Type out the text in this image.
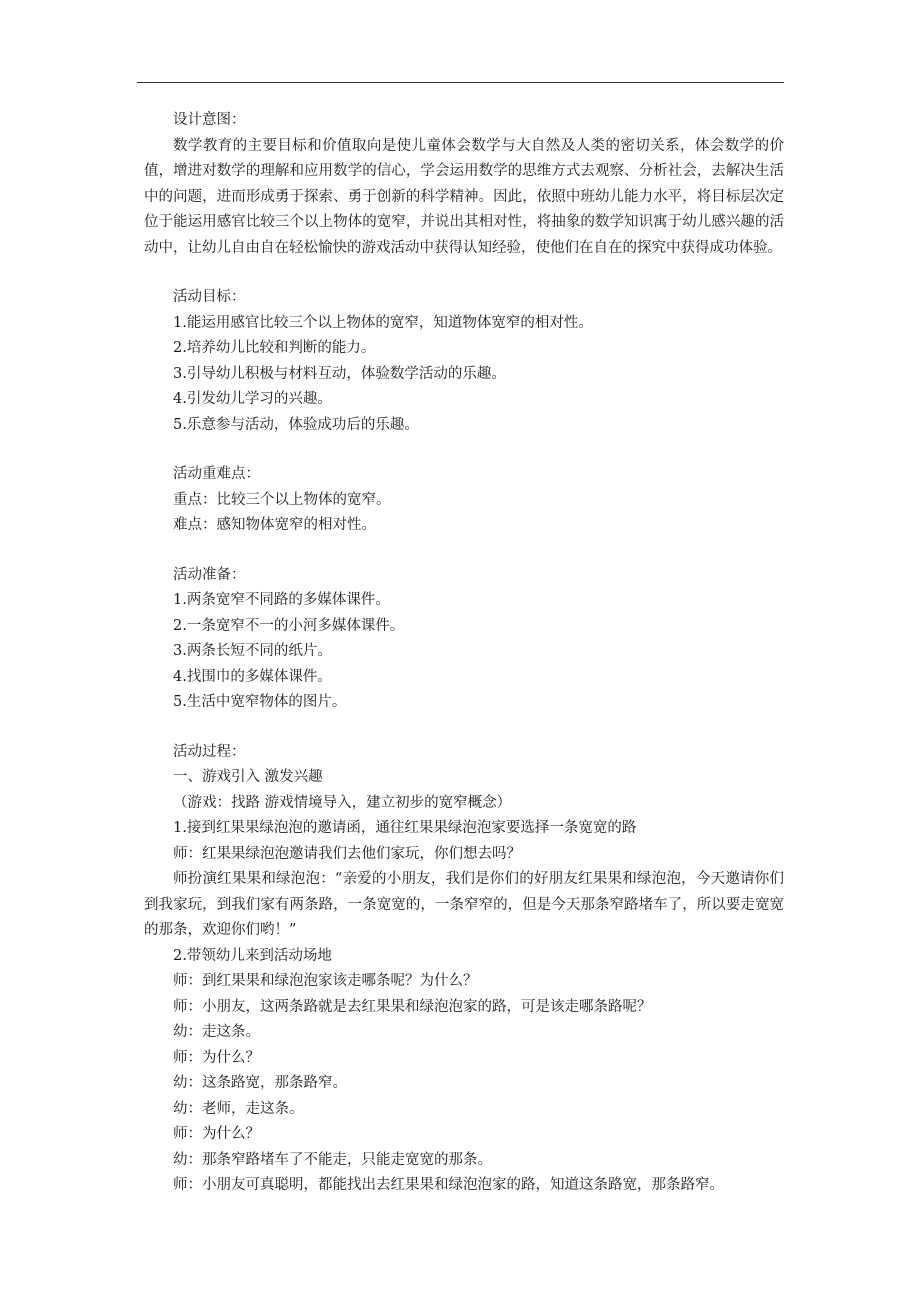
设计意图：

数学教育的主要目标和价值取向是使儿童体会数学与大自然及人类的密切关系，体会数学的价值，增进对数学的理解和应用数学的信心，学会运用数学的思维方式去观察、分析社会，去解决生活中的问题，进而形成勇于探索、勇于创新的科学精神。因此，依照中班幼儿能力水平，将目标层次定位于能运用感官比较三个以上物体的宽窄，并说出其相对性，将抽象的数学知识寓于幼儿感兴趣的活动中，让幼儿自由自在轻松愉快的游戏活动中获得认知经验，使他们在自在的探究中获得成功体验。

活动目标：

1.能运用感官比较三个以上物体的宽窄，知道物体宽窄的相对性。

2.培养幼儿比较和判断的能力。

3.引导幼儿积极与材料互动，体验数学活动的乐趣。

4.引发幼儿学习的兴趣。

5.乐意参与活动，体验成功后的乐趣。

活动重难点：

重点：比较三个以上物体的宽窄。

难点：感知物体宽窄的相对性。

活动准备：

1.两条宽窄不同路的多媒体课件。

2.一条宽窄不一的小河多媒体课件。

3.两条长短不同的纸片。

4.找围巾的多媒体课件。

5.生活中宽窄物体的图片。

活动过程：

一、游戏引入 激发兴趣

（游戏：找路 游戏情境导入，建立初步的宽窄概念）

1.接到红果果绿泡泡的邀请函，通往红果果绿泡泡家要选择一条宽宽的路

师：红果果绿泡泡邀请我们去他们家玩，你们想去吗？

师扮演红果果和绿泡泡：“亲爱的小朋友，我们是你们的好朋友红果果和绿泡泡，今天邀请你们到我家玩，到我们家有两条路，一条宽宽的，一条窄窄的，但是今天那条窄路堵车了，所以要走宽宽的那条，欢迎你们哟！”

2.带领幼儿来到活动场地

师：到红果果和绿泡泡家该走哪条呢？为什么？

师：小朋友，这两条路就是去红果果和绿泡泡家的路，可是该走哪条路呢？

幼：走这条。

师：为什么？

幼：这条路宽，那条路窄。

幼：老师，走这条。

师：为什么？

幼：那条窄路堵车了不能走，只能走宽宽的那条。

师：小朋友可真聪明，都能找出去红果果和绿泡泡家的路，知道这条路宽，那条路窄。
